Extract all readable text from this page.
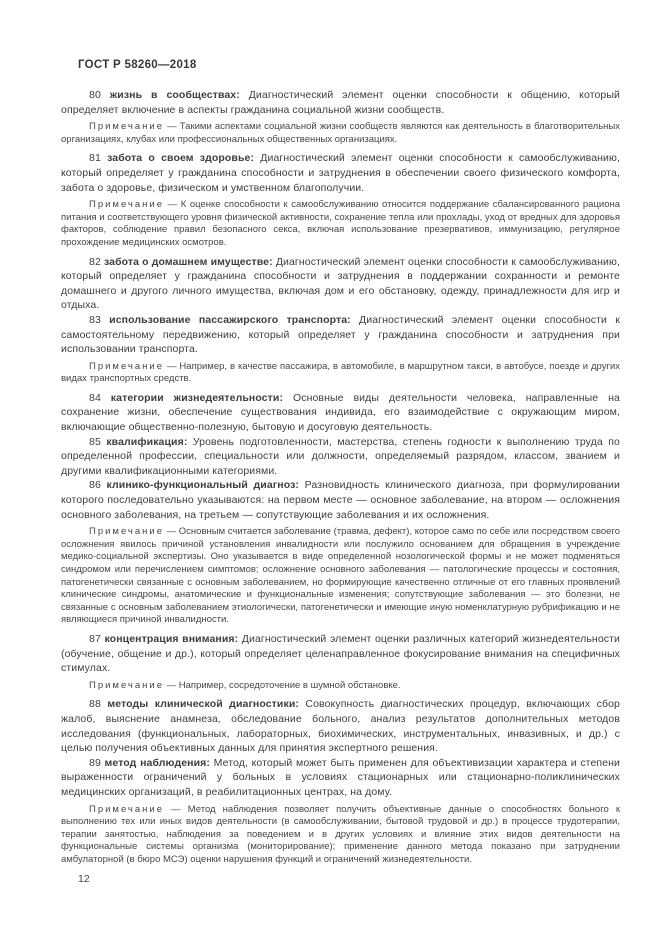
ГОСТ Р 58260—2018

80 жизнь в сообществах: Диагностический элемент оценки способности к общению, который определяет включение в аспекты гражданина социальной жизни сообществ.

Примечание — Такими аспектами социальной жизни сообществ являются как деятельность в благотворительных организациях, клубах или профессиональных общественных организациях.

81 забота о своем здоровье: Диагностический элемент оценки способности к самообслуживанию, который определяет у гражданина способности и затруднения в обеспечении своего физического комфорта, забота о здоровье, физическом и умственном благополучии.

Примечание — К оценке способности к самообслуживанию относится поддержание сбалансированного рациона питания и соответствующего уровня физической активности, сохранение тепла или прохлады, уход от вредных для здоровья факторов, соблюдение правил безопасного секса, включая использование презервативов, иммунизацию, регулярное прохождение медицинских осмотров.

82 забота о домашнем имуществе: Диагностический элемент оценки способности к самообслуживанию, который определяет у гражданина способности и затруднения в поддержании сохранности и ремонте домашнего и другого личного имущества, включая дом и его обстановку, одежду, принадлежности для игр и отдыха.

83 использование пассажирского транспорта: Диагностический элемент оценки способности к самостоятельному передвижению, который определяет у гражданина способности и затруднения при использовании транспорта.

Примечание — Например, в качестве пассажира, в автомобиле, в маршрутном такси, в автобусе, поезде и других видах транспортных средств.

84 категории жизнедеятельности: Основные виды деятельности человека, направленные на сохранение жизни, обеспечение существования индивида, его взаимодействие с окружающим миром, включающие общественно-полезную, бытовую и досуговую деятельность.

85 квалификация: Уровень подготовленности, мастерства, степень годности к выполнению труда по определенной профессии, специальности или должности, определяемый разрядом, классом, званием и другими квалификационными категориями.

86 клинико-функциональный диагноз: Разновидность клинического диагноза, при формулировании которого последовательно указываются: на первом месте — основное заболевание, на втором — осложнения основного заболевания, на третьем — сопутствующие заболевания и их осложнения.

Примечание — Основным считается заболевание (травма, дефект), которое само по себе или посредством своего осложнения явилось причиной установления инвалидности или послужило основанием для обращения в учреждение медико-социальной экспертизы. Оно указывается в виде определенной нозологической формы и не может подменяться синдромом или перечислением симптомов; осложнение основного заболевания — патологические процессы и состояния, патогенетически связанные с основным заболеванием, но формирующие качественно отличные от его главных проявлений клинические синдромы, анатомические и функциональные изменения; сопутствующие заболевания — это болезни, не связанные с основным заболеванием этиологически, патогенетически и имеющие иную номенклатурную рубрификацию и не являющиеся причиной инвалидности.

87 концентрация внимания: Диагностический элемент оценки различных категорий жизнедеятельности (обучение, общение и др.), который определяет целенаправленное фокусирование внимания на специфичных стимулах.

Примечание — Например, сосредоточение в шумной обстановке.

88 методы клинической диагностики: Совокупность диагностических процедур, включающих сбор жалоб, выяснение анамнеза, обследование больного, анализ результатов дополнительных методов исследования (функциональных, лабораторных, биохимических, инструментальных, инвазивных, и др.) с целью получения объективных данных для принятия экспертного решения.

89 метод наблюдения: Метод, который может быть применен для объективизации характера и степени выраженности ограничений у больных в условиях стационарных или стационарно-поликлинических медицинских организаций, в реабилитационных центрах, на дому.

Примечание — Метод наблюдения позволяет получить объективные данные о способностях больного к выполнению тех или иных видов деятельности (в самообслуживании, бытовой трудовой и др.) в процессе трудотерапии, терапии занятостью, наблюдения за поведением и в других условиях и влияние этих видов деятельности на функциональные системы организма (мониторирование); применение данного метода показано при затруднении амбулаторной (в бюро МСЭ) оценки нарушения функций и ограничений жизнедеятельности.

12
